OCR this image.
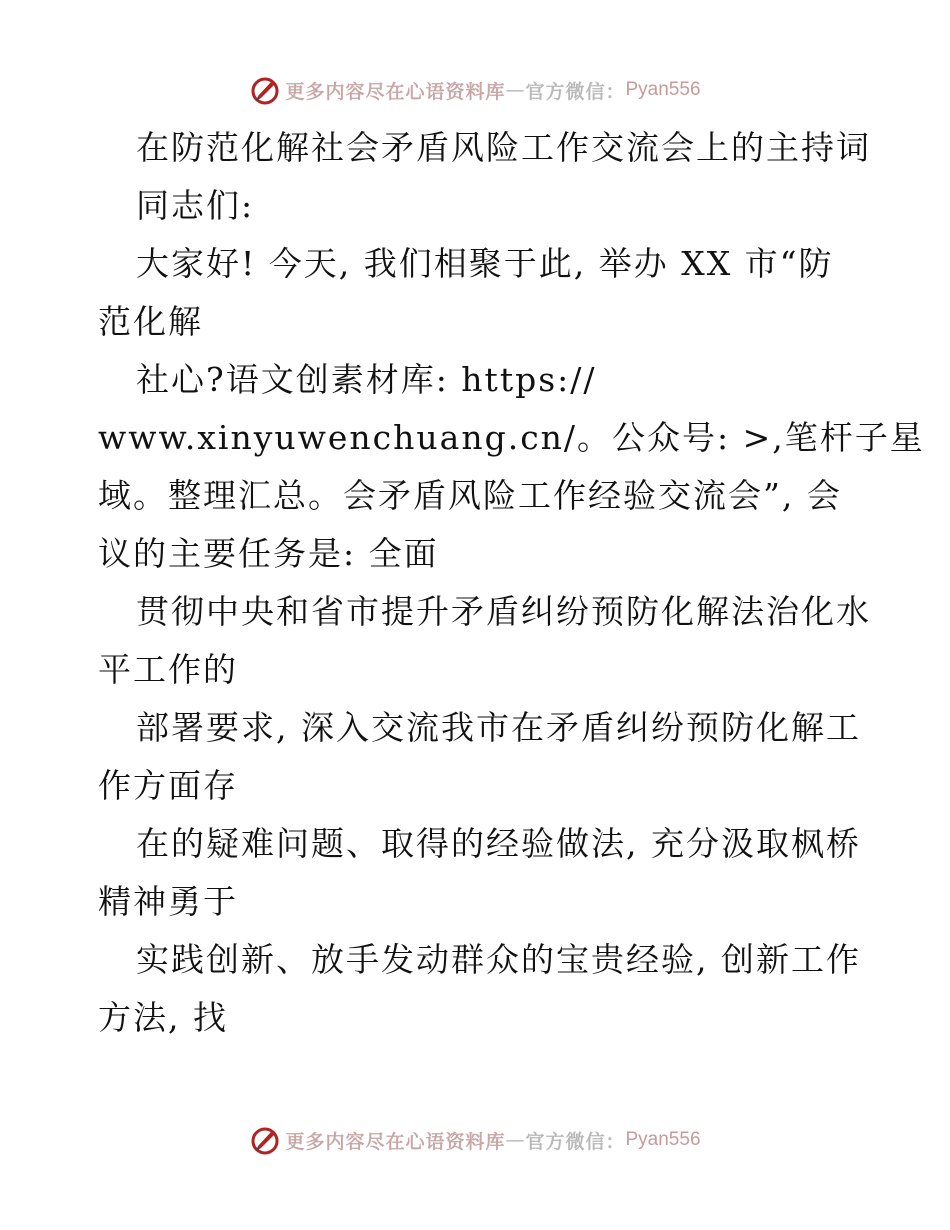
更多内容尽在心语资料库 — 官方微信： Pyan556
在防范化解社会矛盾风险工作交流会上的主持词
同志们:
大家好! 今天, 我们相聚于此, 举办 XX 市“防
范化解
社心?语文创素材库: https://
www.xinyuwenchuang.cn/。公众号: >,笔杆子星
域。整理汇总。会矛盾风险工作经验交流会”, 会
议的主要任务是: 全面
贯彻中央和省市提升矛盾纠纷预防化解法治化水
平工作的
部署要求, 深入交流我市在矛盾纠纷预防化解工
作方面存
在的疑难问题、取得的经验做法, 充分汲取枫桥
精神勇于
实践创新、放手发动群众的宝贵经验, 创新工作
方法, 找
更多内容尽在心语资料库 — 官方微信： Pyan556
